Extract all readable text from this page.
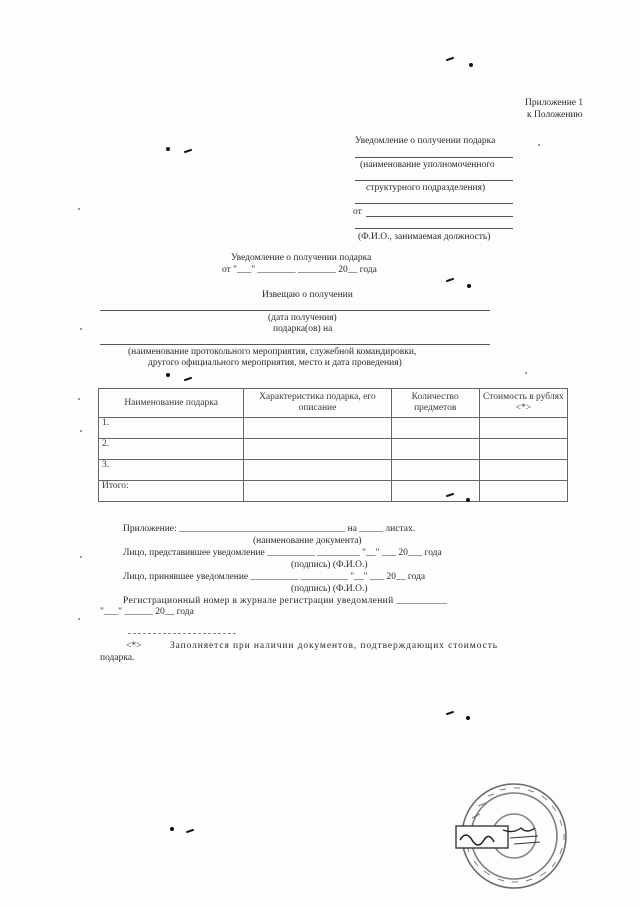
Приложение 1
к Положению
Уведомление о получении подарка
(наименование уполномоченного
структурного подразделения)
от
(Ф.И.О., занимаемая должность)
Уведомление о получении подарка
от "___" ________ ________ 20__ года
Извещаю о получении
(дата получения)
подарка(ов) на
(наименование протокольного мероприятия, служебной командировки,
другого официального мероприятия, место и дата проведения)
Наименование подарка	Характеристика подарка, его описание	Количество предметов	Стоимость в рублях <*>
1.			
2.			
3.			
Итого:			
Приложение: ___________________________________ на _____ листах.
(наименование документа)
Лицо, представившее уведомление __________ _________ "__" ___ 20___ года
(подпись) (Ф.И.О.)
Лицо, принявшее уведомление __________ __________ "__" ___ 20__ года
(подпись) (Ф.И.О.)
Регистрационный номер в журнале регистрации уведомлений __________
"___" ______ 20__ года
<*>	Заполняется при наличии документов, подтверждающих стоимость
подарка.
